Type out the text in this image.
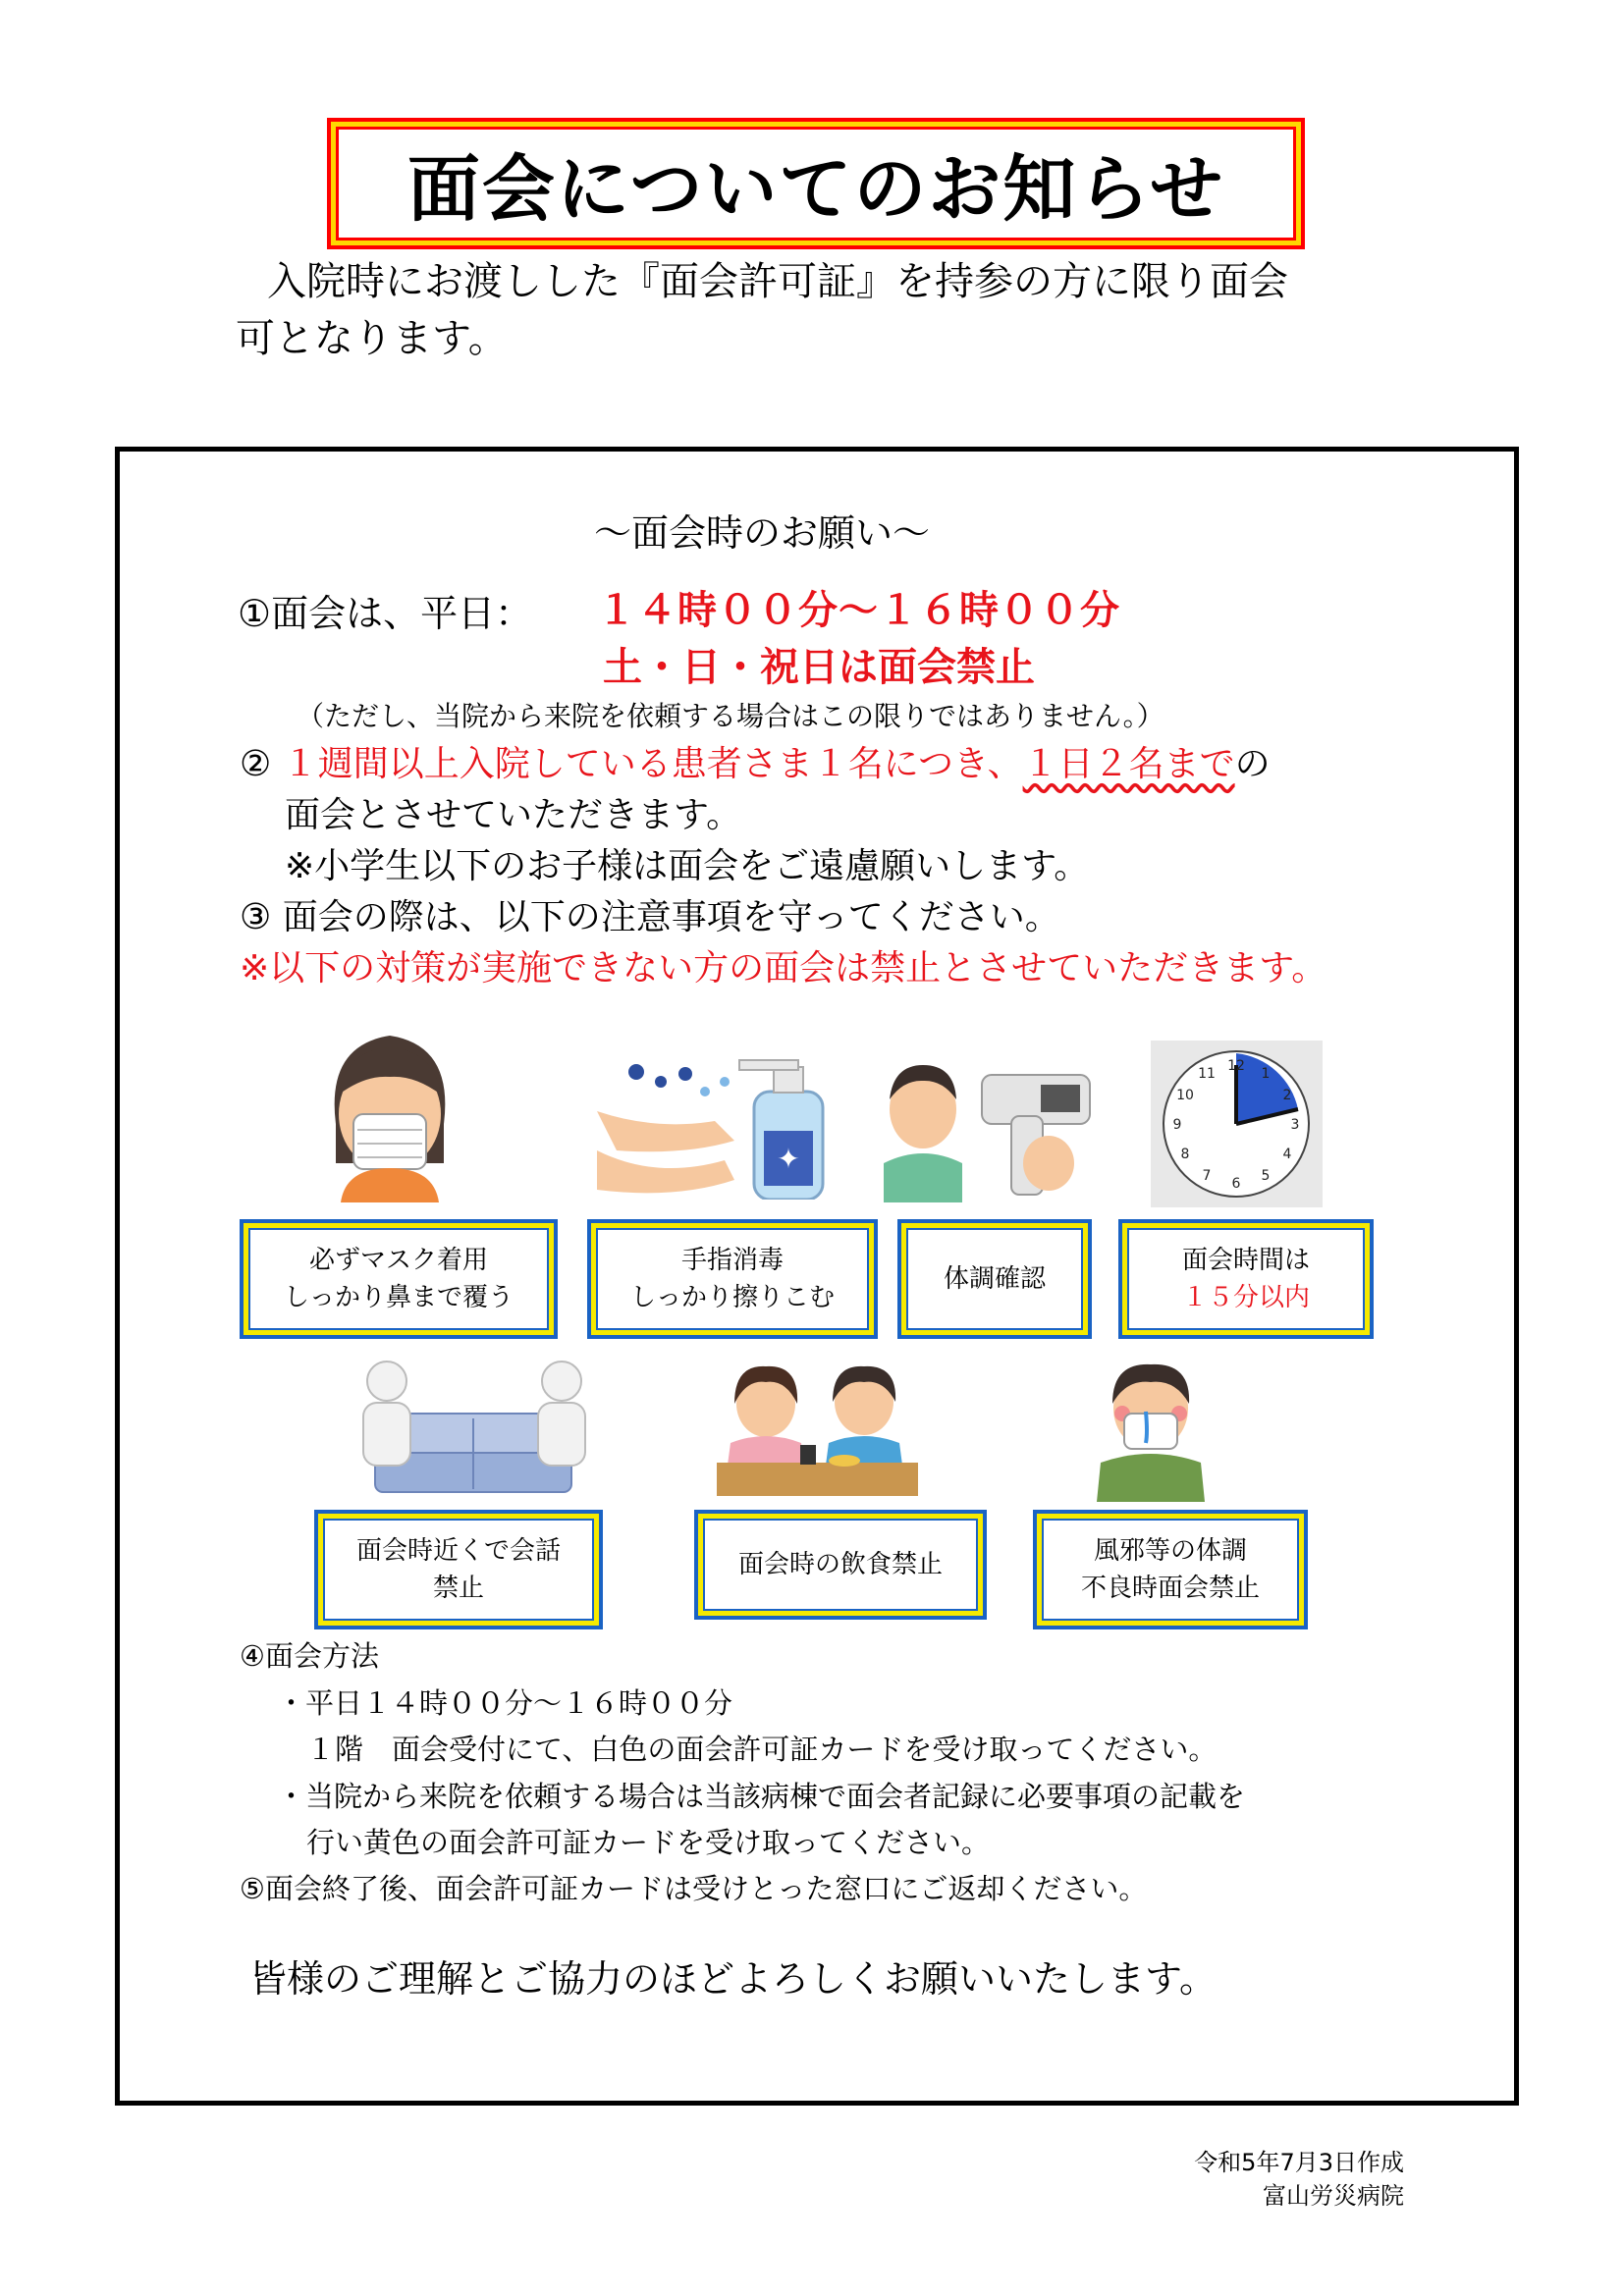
面会についてのお知らせ
入院時にお渡しした『面会許可証』を持参の方に限り面会
可となります。
～面会時のお願い～
①面会は、平日： １４時００分～１６時００分
土・日・祝日は面会禁止
（ただし、当院から来院を依頼する場合はこの限りではありません。）
② １週間以上入院している患者さま１名につき、１日２名までの
面会とさせていただきます。
※小学生以下のお子様は面会をご遠慮願いします。
③ 面会の際は、以下の注意事項を守ってください。
※以下の対策が実施できない方の面会は禁止とさせていただきます。
✦
12 1
2
3
4
5
6
7
8
9
10
11
必ずマスク着用
しっかり鼻まで覆う
手指消毒
しっかり擦りこむ
体調確認
面会時間は
１５分以内
面会時近くで会話
禁止
面会時の飲食禁止	風邪等の体調
不良時面会禁止
④面会方法
・平日１４時００分～１６時００分
１階　面会受付にて、白色の面会許可証カードを受け取ってください。
・当院から来院を依頼する場合は当該病棟で面会者記録に必要事項の記載を
行い黄色の面会許可証カードを受け取ってください。
⑤面会終了後、面会許可証カードは受けとった窓口にご返却ください。
皆様のご理解とご協力のほどよろしくお願いいたします。
令和5年7月3日作成
富山労災病院
